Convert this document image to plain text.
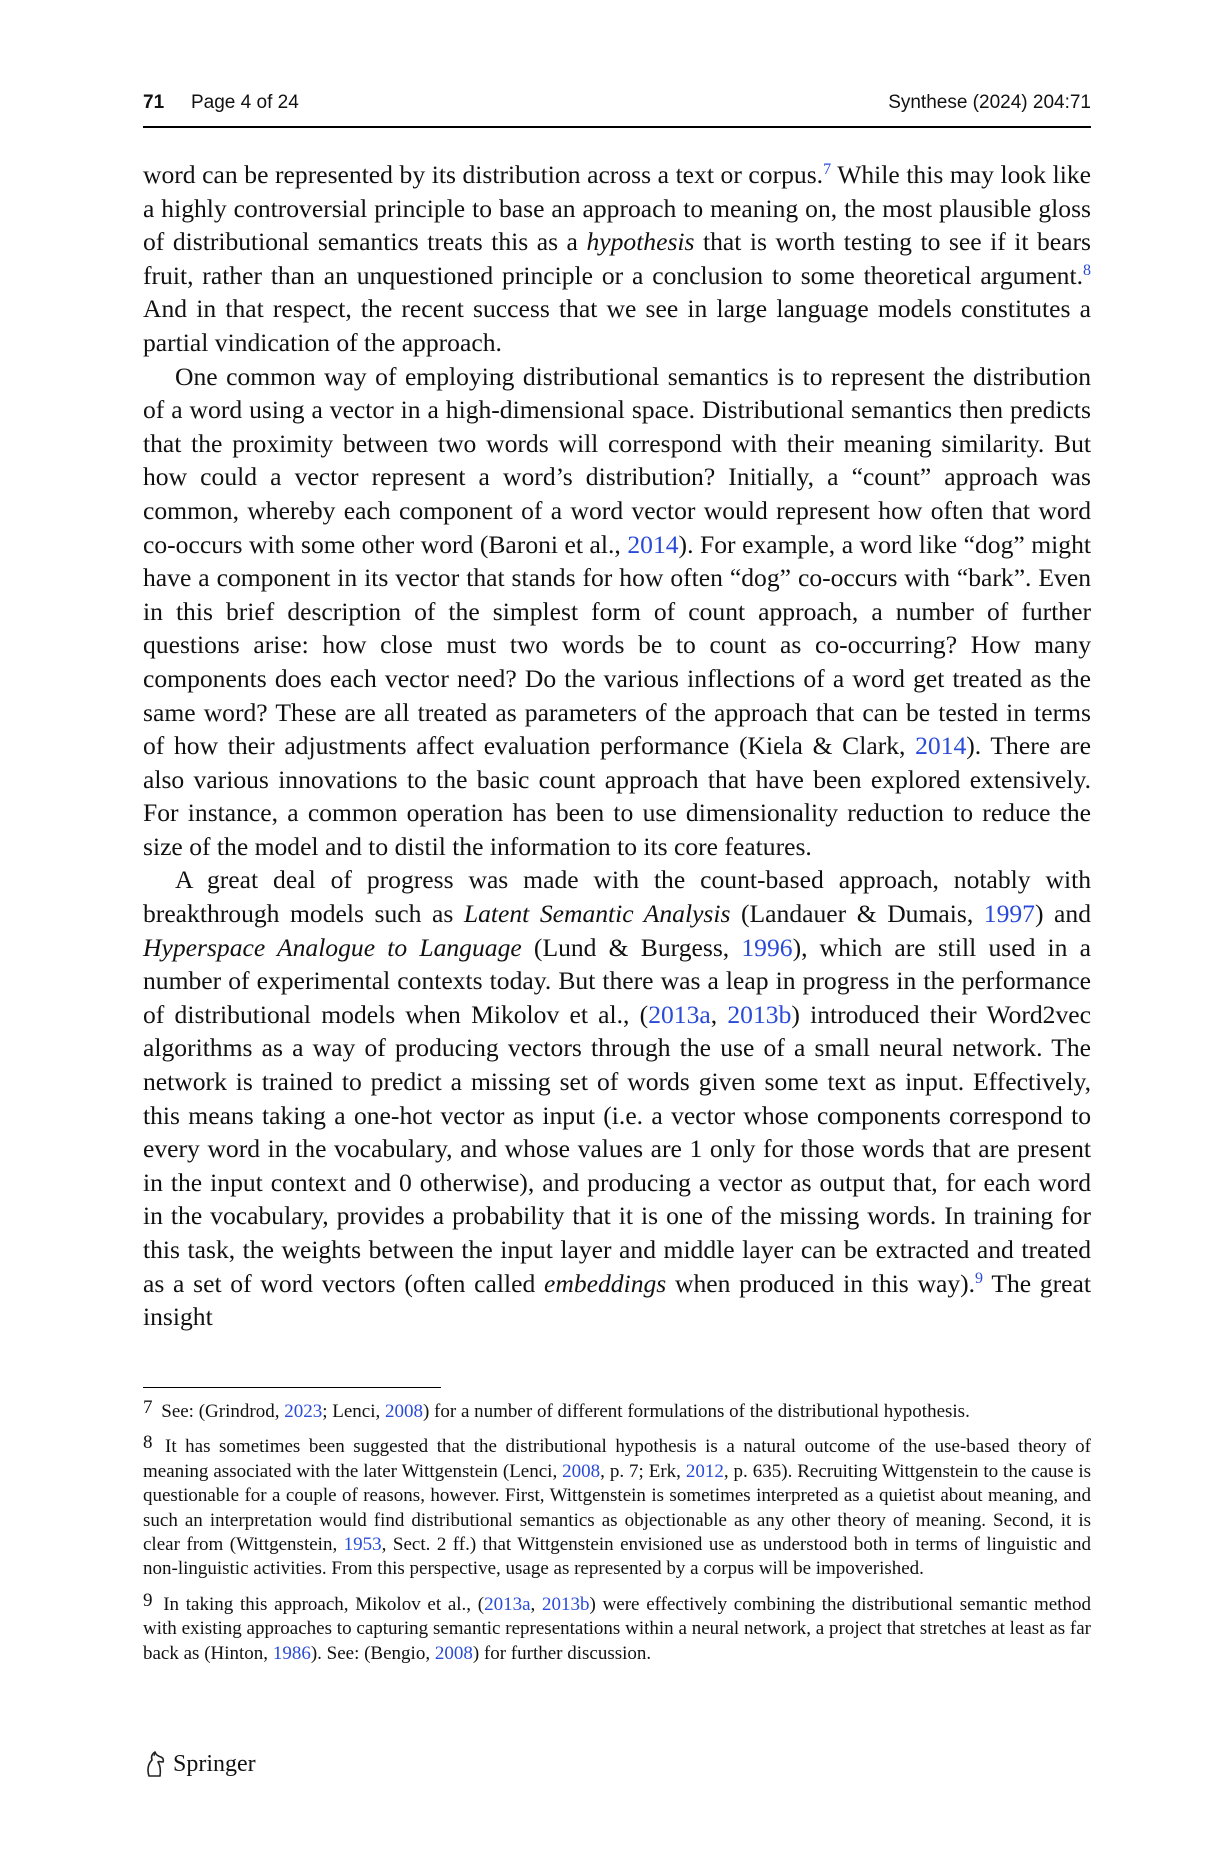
71 Page 4 of 24	Synthese (2024) 204:71

word can be represented by its distribution across a text or corpus.$^7$ While this may look like a highly controversial principle to base an approach to meaning on, the most plausible gloss of distributional semantics treats this as a hypothesis that is worth testing to see if it bears fruit, rather than an unquestioned principle or a conclusion to some theoretical argument.$^8$ And in that respect, the recent success that we see in large language models constitutes a partial vindication of the approach.

One common way of employing distributional semantics is to represent the distribution of a word using a vector in a high-dimensional space. Distributional semantics then predicts that the proximity between two words will correspond with their meaning similarity. But how could a vector represent a word’s distribution? Initially, a “count” approach was common, whereby each component of a word vector would represent how often that word co-occurs with some other word (Baroni et al., 2014). For example, a word like “dog” might have a component in its vector that stands for how often “dog” co-occurs with “bark”. Even in this brief description of the simplest form of count approach, a number of further questions arise: how close must two words be to count as co-occurring? How many components does each vector need? Do the various inflections of a word get treated as the same word? These are all treated as parameters of the approach that can be tested in terms of how their adjustments affect evaluation performance (Kiela & Clark, 2014). There are also various innovations to the basic count approach that have been explored extensively. For instance, a common operation has been to use dimensionality reduction to reduce the size of the model and to distil the information to its core features.

A great deal of progress was made with the count-based approach, notably with breakthrough models such as Latent Semantic Analysis (Landauer & Dumais, 1997) and Hyperspace Analogue to Language (Lund & Burgess, 1996), which are still used in a number of experimental contexts today. But there was a leap in progress in the performance of distributional models when Mikolov et al., (2013a, 2013b) introduced their Word2vec algorithms as a way of producing vectors through the use of a small neural network. The network is trained to predict a missing set of words given some text as input. Effectively, this means taking a one-hot vector as input (i.e. a vector whose components correspond to every word in the vocabulary, and whose values are 1 only for those words that are present in the input context and 0 otherwise), and producing a vector as output that, for each word in the vocabulary, provides a probability that it is one of the missing words. In training for this task, the weights between the input layer and middle layer can be extracted and treated as a set of word vectors (often called embeddings when produced in this way).$^9$ The great insight

7 See: (Grindrod, 2023; Lenci, 2008) for a number of different formulations of the distributional hypothesis.

8 It has sometimes been suggested that the distributional hypothesis is a natural outcome of the use-based theory of meaning associated with the later Wittgenstein (Lenci, 2008, p. 7; Erk, 2012, p. 635). Recruiting Wittgenstein to the cause is questionable for a couple of reasons, however. First, Wittgenstein is sometimes interpreted as a quietist about meaning, and such an interpretation would find distributional semantics as objectionable as any other theory of meaning. Second, it is clear from (Wittgenstein, 1953, Sect. 2 ff.) that Wittgenstein envisioned use as understood both in terms of linguistic and non-linguistic activities. From this perspective, usage as represented by a corpus will be impoverished.

9 In taking this approach, Mikolov et al., (2013a, 2013b) were effectively combining the distributional semantic method with existing approaches to capturing semantic representations within a neural network, a project that stretches at least as far back as (Hinton, 1986). See: (Bengio, 2008) for further discussion.

Springer
